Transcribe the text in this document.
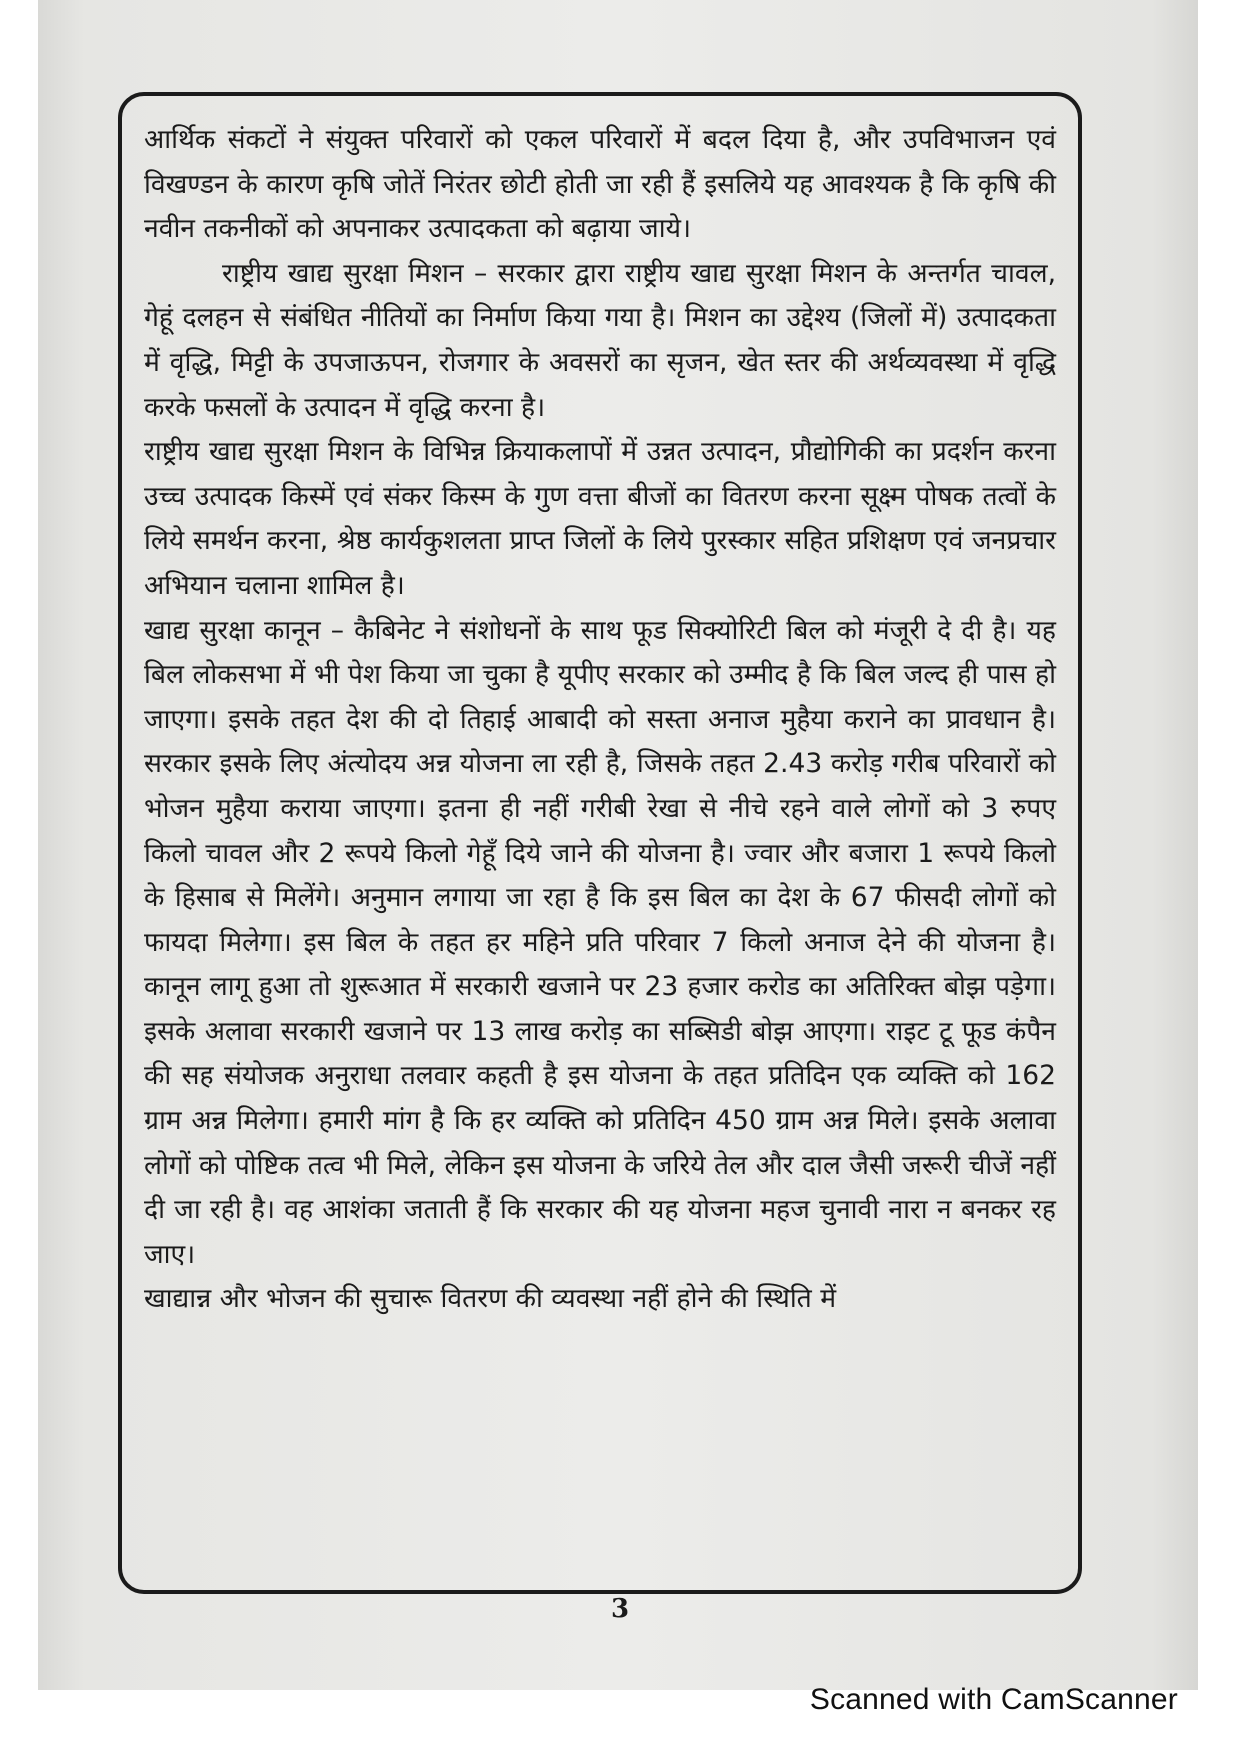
आर्थिक संकटों ने संयुक्त परिवारों को एकल परिवारों में बदल दिया है, और उपविभाजन एवं विखण्डन के कारण कृषि जोतें निरंतर छोटी होती जा रही हैं इसलिये यह आवश्यक है कि कृषि की नवीन तकनीकों को अपनाकर उत्पादकता को बढ़ाया जाये।

राष्ट्रीय खाद्य सुरक्षा मिशन – सरकार द्वारा राष्ट्रीय खाद्य सुरक्षा मिशन के अन्तर्गत चावल, गेहूं दलहन से संबंधित नीतियों का निर्माण किया गया है। मिशन का उद्देश्य (जिलों में) उत्पादकता में वृद्धि, मिट्टी के उपजाऊपन, रोजगार के अवसरों का सृजन, खेत स्तर की अर्थव्यवस्था में वृद्धि करके फसलों के उत्पादन में वृद्धि करना है।

राष्ट्रीय खाद्य सुरक्षा मिशन के विभिन्न क्रियाकलापों में उन्नत उत्पादन, प्रौद्योगिकी का प्रदर्शन करना उच्च उत्पादक किस्में एवं संकर किस्म के गुण वत्ता बीजों का वितरण करना सूक्ष्म पोषक तत्वों के लिये समर्थन करना, श्रेष्ठ कार्यकुशलता प्राप्त जिलों के लिये पुरस्कार सहित प्रशिक्षण एवं जनप्रचार अभियान चलाना शामिल है।

खाद्य सुरक्षा कानून – कैबिनेट ने संशोधनों के साथ फूड सिक्योरिटी बिल को मंजूरी दे दी है। यह बिल लोकसभा में भी पेश किया जा चुका है यूपीए सरकार को उम्मीद है कि बिल जल्द ही पास हो जाएगा। इसके तहत देश की दो तिहाई आबादी को सस्ता अनाज मुहैया कराने का प्रावधान है। सरकार इसके लिए अंत्योदय अन्न योजना ला रही है, जिसके तहत 2.43 करोड़ गरीब परिवारों को भोजन मुहैया कराया जाएगा। इतना ही नहीं गरीबी रेखा से नीचे रहने वाले लोगों को 3 रुपए किलो चावल और 2 रूपये किलो गेहूँ दिये जाने की योजना है। ज्वार और बजारा 1 रूपये किलो के हिसाब से मिलेंगे। अनुमान लगाया जा रहा है कि इस बिल का देश के 67 फीसदी लोगों को फायदा मिलेगा। इस बिल के तहत हर महिने प्रति परिवार 7 किलो अनाज देने की योजना है। कानून लागू हुआ तो शुरूआत में सरकारी खजाने पर 23 हजार करोड का अतिरिक्त बोझ पड़ेगा। इसके अलावा सरकारी खजाने पर 13 लाख करोड़ का सब्सिडी बोझ आएगा। राइट टू फूड कंपैन की सह संयोजक अनुराधा तलवार कहती है इस योजना के तहत प्रतिदिन एक व्यक्ति को 162 ग्राम अन्न मिलेगा। हमारी मांग है कि हर व्यक्ति को प्रतिदिन 450 ग्राम अन्न मिले। इसके अलावा लोगों को पोष्टिक तत्व भी मिले, लेकिन इस योजना के जरिये तेल और दाल जैसी जरूरी चीजें नहीं दी जा रही है। वह आशंका जताती हैं कि सरकार की यह योजना महज चुनावी नारा न बनकर रह जाए।

खाद्यान्न और भोजन की सुचारू वितरण की व्यवस्था नहीं होने की स्थिति में

3
Scanned with CamScanner
